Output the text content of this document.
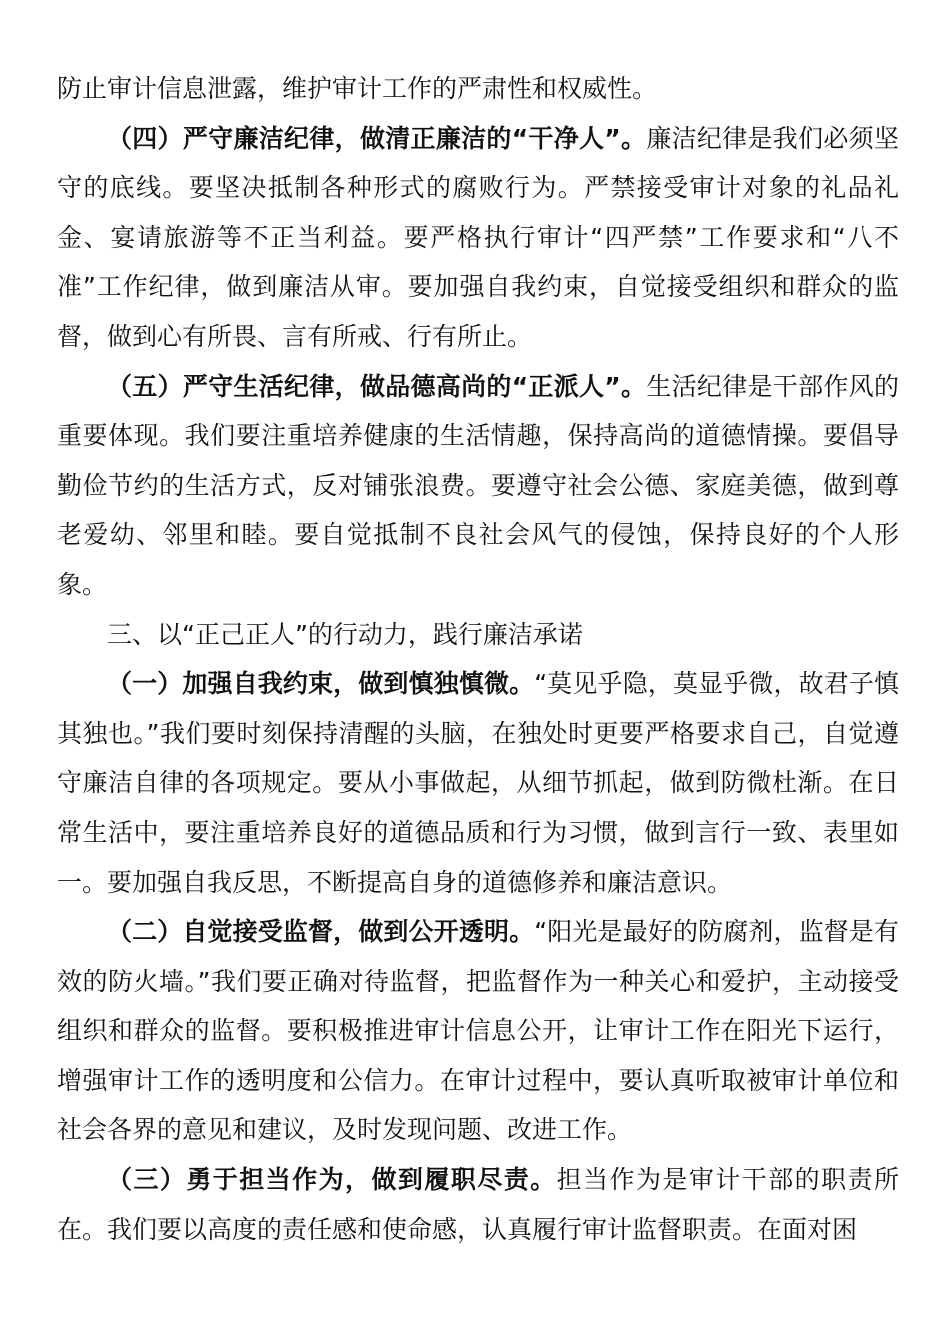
防止审计信息泄露，维护审计工作的严肃性和权威性。

（四）严守廉洁纪律，做清正廉洁的“干净人”。廉洁纪律是我们必须坚守的底线。要坚决抵制各种形式的腐败行为。严禁接受审计对象的礼品礼金、宴请旅游等不正当利益。要严格执行审计“四严禁”工作要求和“八不准”工作纪律，做到廉洁从审。要加强自我约束，自觉接受组织和群众的监督，做到心有所畏、言有所戒、行有所止。

（五）严守生活纪律，做品德高尚的“正派人”。生活纪律是干部作风的重要体现。我们要注重培养健康的生活情趣，保持高尚的道德情操。要倡导勤俭节约的生活方式，反对铺张浪费。要遵守社会公德、家庭美德，做到尊老爱幼、邻里和睦。要自觉抵制不良社会风气的侵蚀，保持良好的个人形象。

三、以“正己正人”的行动力，践行廉洁承诺

（一）加强自我约束，做到慎独慎微。“莫见乎隐，莫显乎微，故君子慎其独也。”我们要时刻保持清醒的头脑，在独处时更要严格要求自己，自觉遵守廉洁自律的各项规定。要从小事做起，从细节抓起，做到防微杜渐。在日常生活中，要注重培养良好的道德品质和行为习惯，做到言行一致、表里如一。要加强自我反思，不断提高自身的道德修养和廉洁意识。

（二）自觉接受监督，做到公开透明。“阳光是最好的防腐剂，监督是有效的防火墙。”我们要正确对待监督，把监督作为一种关心和爱护，主动接受组织和群众的监督。要积极推进审计信息公开，让审计工作在阳光下运行，增强审计工作的透明度和公信力。在审计过程中，要认真听取被审计单位和社会各界的意见和建议，及时发现问题、改进工作。

（三）勇于担当作为，做到履职尽责。担当作为是审计干部的职责所在。我们要以高度的责任感和使命感，认真履行审计监督职责。在面对困
